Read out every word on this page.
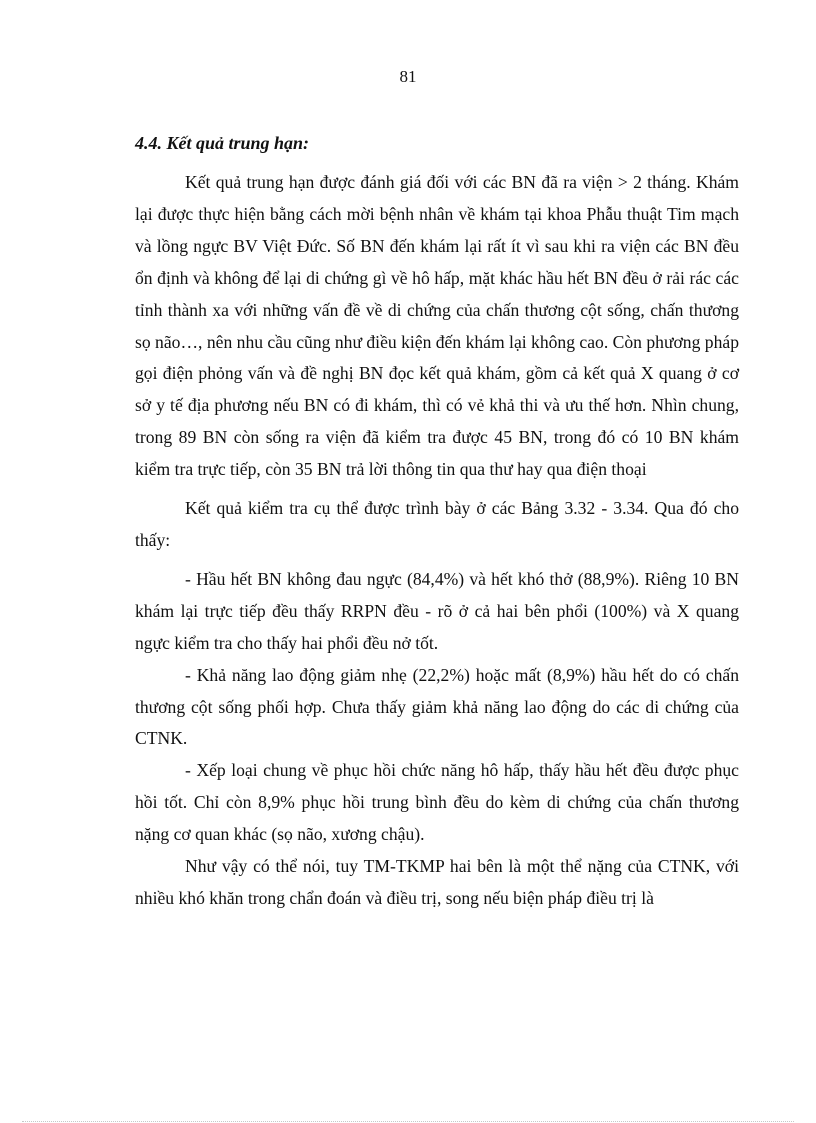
81
4.4. Kết quả trung hạn:

Kết quả trung hạn được đánh giá đối với các BN đã ra viện > 2 tháng. Khám lại được thực hiện bằng cách mời bệnh nhân về khám tại khoa Phẫu thuật Tim mạch và lồng ngực BV Việt Đức. Số BN đến khám lại rất ít vì sau khi ra viện các BN đều ổn định và không để lại di chứng gì về hô hấp, mặt khác hầu hết BN đều ở rải rác các tỉnh thành xa với những vấn đề về di chứng của chấn thương cột sống, chấn thương sọ não…, nên nhu cầu cũng như điều kiện đến khám lại không cao. Còn phương pháp gọi điện phỏng vấn và đề nghị BN đọc kết quả khám, gồm cả kết quả X quang ở cơ sở y tế địa phương nếu BN có đi khám, thì có vẻ khả thi và ưu thế hơn. Nhìn chung, trong 89 BN còn sống ra viện đã kiểm tra được 45 BN, trong đó có 10 BN khám kiểm tra trực tiếp, còn 35 BN trả lời thông tin qua thư hay qua điện thoại

Kết quả kiểm tra cụ thể được trình bày ở các Bảng 3.32 - 3.34. Qua đó cho thấy:

- Hầu hết BN không đau ngực (84,4%) và hết khó thở (88,9%). Riêng 10 BN khám lại trực tiếp đều thấy RRPN đều - rõ ở cả hai bên phổi (100%) và X quang ngực kiểm tra cho thấy hai phổi đều nở tốt.

- Khả năng lao động giảm nhẹ (22,2%) hoặc mất (8,9%) hầu hết do có chấn thương cột sống phối hợp. Chưa thấy giảm khả năng lao động do các di chứng của CTNK.

- Xếp loại chung về phục hồi chức năng hô hấp, thấy hầu hết đều được phục hồi tốt. Chỉ còn 8,9% phục hồi trung bình đều do kèm di chứng của chấn thương nặng cơ quan khác (sọ não, xương chậu).

Như vậy có thể nói, tuy TM-TKMP hai bên là một thể nặng của CTNK, với nhiều khó khăn trong chẩn đoán và điều trị, song nếu biện pháp điều trị là
